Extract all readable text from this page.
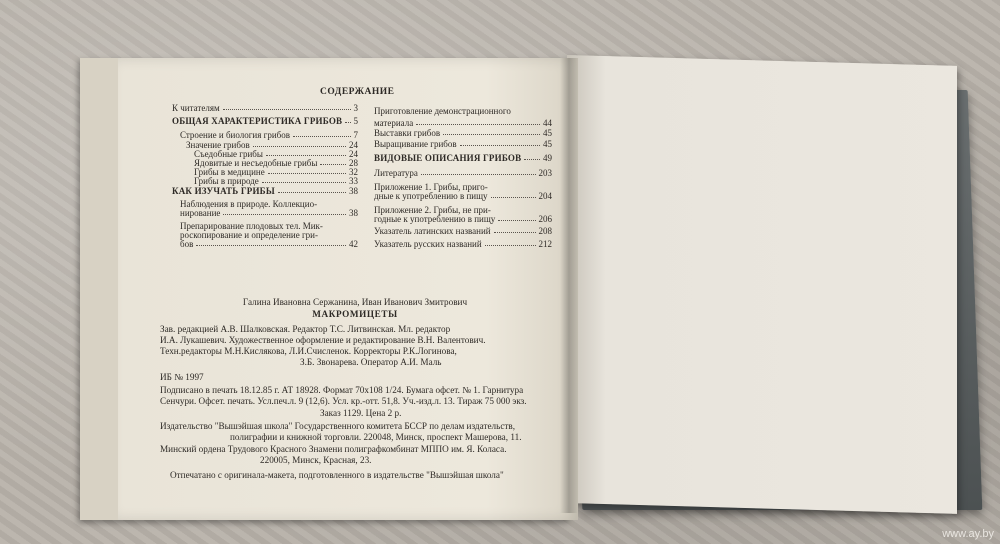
СОДЕРЖАНИЕ
К читателям	3
ОБЩАЯ ХАРАКТЕРИСТИКА ГРИБОВ 5
Строение и биология грибов	7
Значение грибов	24
Съедобные грибы	24
Ядовитые и несъедобные грибы	28
Грибы в медицине	32
Грибы в природе	33
КАК ИЗУЧАТЬ ГРИБЫ	38
Наблюдения в природе. Коллекцио-
нирование	38
Препарирование плодовых тел. Мик-
роскопирование и определение гри-
бов	42
Приготовление демонстрационного
материала	44
Выставки грибов	45
Выращивание грибов	45
ВИДОВЫЕ ОПИСАНИЯ ГРИБОВ 49
Литература	203
Приложение 1. Грибы, приго-
дные к употреблению в пищу	204
Приложение 2. Грибы, не при-
годные к употреблению в пищу	206
Указатель латинских названий	208
Указатель русских названий	212
Галина Ивановна Сержанина, Иван Иванович Змитрович
МАКРОМИЦЕТЫ
Зав. редакцией А.В. Шалковская. Редактор Т.С. Литвинская. Мл. редактор
И.А. Лукашевич. Художественное оформление и редактирование В.Н. Валентович.
Техн.редакторы М.Н.Кислякова, Л.И.Счисленок. Корректоры Р.К.Логинова,
З.Б. Звонарева. Оператор А.И. Маль
ИБ № 1997
Подписано в печать 18.12.85 г. АТ 18928. Формат 70х108 1/24. Бумага офсет. № 1. Гарнитура
Сенчури. Офсет. печать. Усл.печ.л. 9 (12,6). Усл. кр.-отт. 51,8. Уч.-изд.л. 13. Тираж 75 000 экз.
Заказ 1129. Цена 2 р.
Издательство "Вышэйшая школа" Государственного комитета БССР по делам издательств,
полиграфии и книжной торговли. 220048, Минск, проспект Машерова, 11.
Минский ордена Трудового Красного Знамени полиграфкомбинат МППО им. Я. Коласа.
220005, Минск, Красная, 23.
Отпечатано с оригинала-макета, подготовленного в издательстве "Вышэйшая школа"
www.ay.by
